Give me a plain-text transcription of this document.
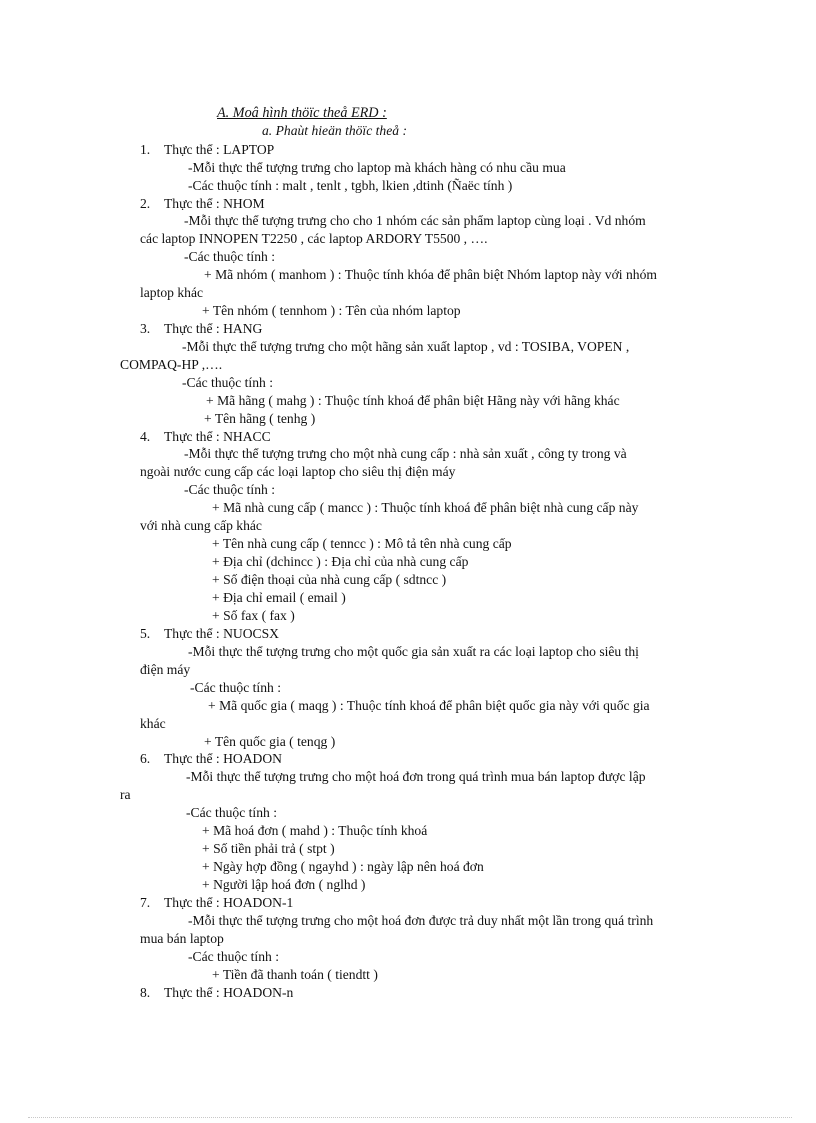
A. Moâ hình thöïc theå ERD :
a. Phaùt hieän thöïc theå :
1. Thực thể : LAPTOP
-Mỗi thực thể tượng trưng cho laptop mà khách hàng có nhu cầu mua
-Các thuộc tính : malt , tenlt , tgbh, lkien ,dtinh (Ñaëc tính )
2. Thực thể : NHOM
-Mỗi thực thể tượng trưng cho cho 1 nhóm các sản phẩm laptop cùng loại . Vd nhóm
các laptop INNOPEN T2250 , các laptop ARDORY T5500 , ….
-Các thuộc tính :
+ Mã nhóm ( manhom ) : Thuộc tính khóa để phân biệt Nhóm laptop này với nhóm
laptop khác
+ Tên nhóm ( tennhom ) : Tên của nhóm laptop
3. Thực thể : HANG
-Mỗi thực thể tượng trưng cho một hãng sản xuất laptop , vd : TOSIBA, VOPEN ,
COMPAQ-HP ,….
-Các thuộc tính :
+ Mã hãng ( mahg ) : Thuộc tính khoá để phân biệt Hãng này với hãng khác
+ Tên hãng ( tenhg )
4. Thực thể : NHACC
-Mỗi thực thể tượng trưng cho một nhà cung cấp : nhà sản xuất , công ty trong và
ngoài nước cung cấp các loại laptop cho siêu thị điện máy
-Các thuộc tính :
+ Mã nhà cung cấp ( mancc ) : Thuộc tính khoá để phân biệt nhà cung cấp này
với nhà cung cấp khác
+ Tên nhà cung cấp ( tenncc ) : Mô tả tên nhà cung cấp
+ Địa chỉ (dchincc ) : Địa chỉ của nhà cung cấp
+ Số điện thoại của nhà cung cấp ( sdtncc )
+ Địa chỉ email ( email )
+ Số fax ( fax )
5. Thực thể : NUOCSX
-Mỗi thực thể tượng trưng cho một quốc gia sản xuất ra các loại laptop cho siêu thị
điện máy
-Các thuộc tính :
+ Mã quốc gia ( maqg ) : Thuộc tính khoá để phân biệt quốc gia này với quốc gia
khác
+ Tên quốc gia ( tenqg )
6. Thực thể : HOADON
-Mỗi thực thể tượng trưng cho một hoá đơn trong quá trình mua bán laptop được lập
ra
-Các thuộc tính :
+ Mã hoá đơn ( mahd ) : Thuộc tính khoá
+ Số tiền phải trả ( stpt )
+ Ngày hợp đồng ( ngayhd ) : ngày lập nên hoá đơn
+ Người lập hoá đơn ( nglhd )
7. Thực thể : HOADON-1
-Mỗi thực thể tượng trưng cho một hoá đơn được trả duy nhất một lần trong quá trình
mua bán laptop
-Các thuộc tính :
+ Tiền đã thanh toán ( tiendtt )
8. Thực thể : HOADON-n
